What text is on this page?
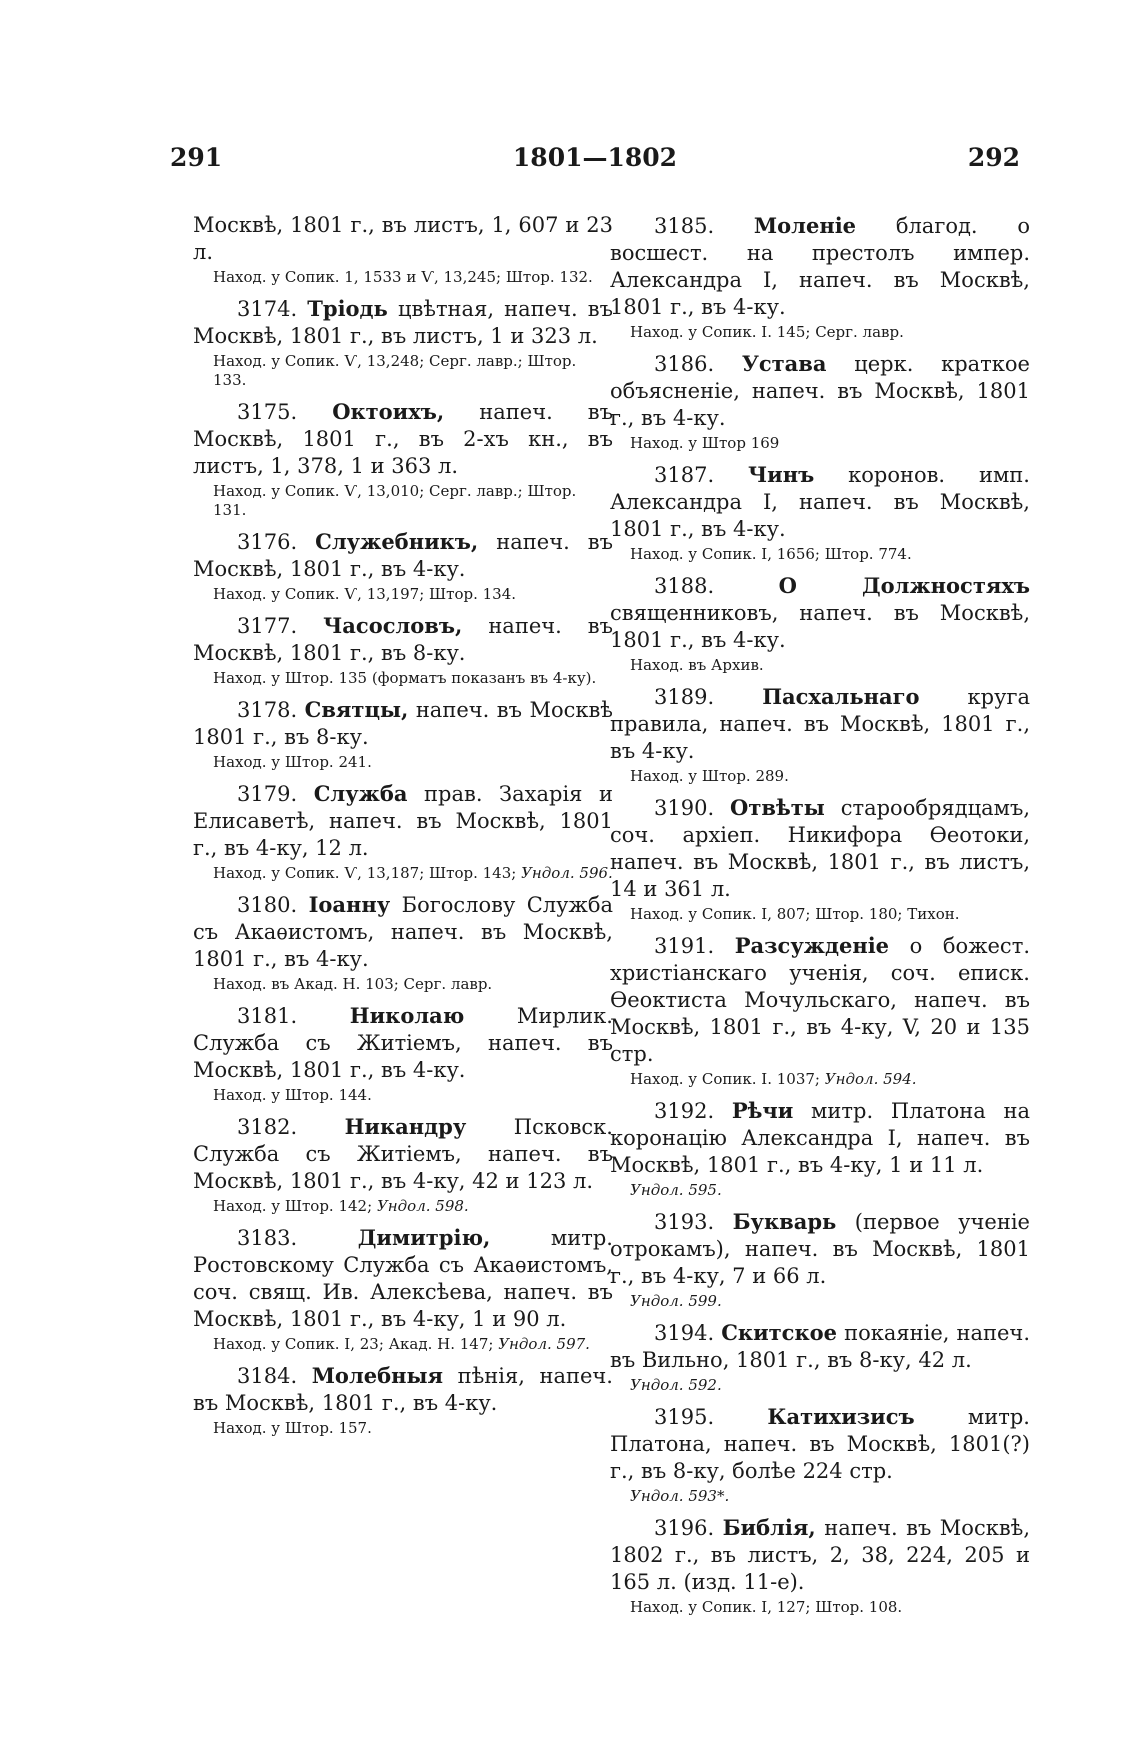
291	1801—1802	292

Москвѣ, 1801 г., въ листъ, 1, 607 и 23 л.

Наход. у Сопик. 1, 1533 и Ѵ, 13,245; Штор. 132.

3174. Тріодь цвѣтная, напеч. въ Москвѣ, 1801 г., въ листъ, 1 и 323 л.

Наход. у Сопик. Ѵ, 13,248; Серг. лавр.; Штор. 133.

3175. Октоихъ, напеч. въ Москвѣ, 1801 г., въ 2-хъ кн., въ листъ, 1, 378, 1 и 363 л.

Наход. у Сопик. Ѵ, 13,010; Серг. лавр.; Штор. 131.

3176. Служебникъ, напеч. въ Москвѣ, 1801 г., въ 4-ку.

Наход. у Сопик. Ѵ, 13,197; Штор. 134.

3177. Часословъ, напеч. въ Москвѣ, 1801 г., въ 8-ку.

Наход. у Штор. 135 (форматъ показанъ въ 4-ку).

3178. Святцы, напеч. въ Москвѣ 1801 г., въ 8-ку.

Наход. у Штор. 241.

3179. Служба прав. Захарія и Елисаветѣ, напеч. въ Москвѣ, 1801 г., въ 4-ку, 12 л.

Наход. у Сопик. Ѵ, 13,187; Штор. 143; Ундол. 596.

3180. Іоанну Богослову Служба съ Акаѳистомъ, напеч. въ Москвѣ, 1801 г., въ 4-ку.

Наход. въ Акад. Н. 103; Серг. лавр.

3181.	Николаю	Мирлик. Служба съ Житіемъ, напеч. въ Москвѣ, 1801 г., въ 4-ку.

Наход. у Штор. 144.

3182. Никандру Псковск. Служба съ Житіемъ, напеч. въ Москвѣ, 1801 г., въ 4-ку, 42 и 123 л.

Наход. у Штор. 142; Ундол. 598.

3183.	Димитрію,	митр. Ростовскому Служба съ Акаѳистомъ, соч. свящ. Ив. Алексѣева, напеч. въ Москвѣ, 1801 г., въ 4-ку, 1 и 90 л.

Наход. у Сопик. I, 23; Акад. Н. 147; Ундол. 597.

3184. Молебныя пѣнія, напеч. въ Москвѣ, 1801 г., въ 4-ку.

Наход. у Штор. 157.

3185. Моленіе благод. о восшест. на престолъ импер. Александра I, напеч. въ Москвѣ, 1801 г., въ 4-ку.

Наход. у Сопик. I. 145; Серг. лавр.

3186. Устава церк. краткое объясненіе, напеч. въ Москвѣ, 1801 г., въ 4-ку.

Наход. у Штор 169

3187. Чинъ коронов. имп. Александра I, напеч. въ Москвѣ, 1801 г., въ 4-ку.

Наход. у Сопик. I, 1656; Штор. 774.

3188.	О Должностяхъ священниковъ, напеч. въ Москвѣ, 1801 г., въ 4-ку.

Наход. въ Архив.

3189. Пасхальнаго круга правила, напеч. въ Москвѣ, 1801 г., въ 4-ку.

Наход. у Штор. 289.

3190. Отвѣты старообрядцамъ, соч. архіеп. Никифора Ѳеотоки, напеч. въ Москвѣ, 1801 г., въ листъ, 14 и 361 л.

Наход. у Сопик. I, 807; Штор. 180; Тихон.

3191. Разсужденіе о божест. христіанскаго ученія, соч. еписк. Ѳеоктиста Мочульскаго, напеч. въ Москвѣ, 1801 г., въ 4-ку, V, 20 и 135 стр.

Наход. у Сопик. I. 1037; Ундол. 594.

3192. Рѣчи митр. Платона на коронацію Александра I, напеч. въ Москвѣ, 1801 г., въ 4-ку, 1 и 11 л.

Ундол. 595.

3193. Букварь (первое ученіе отрокамъ), напеч. въ Москвѣ, 1801 г., въ 4-ку, 7 и 66 л.

Ундол. 599.

3194. Скитское покаяніе, напеч. въ Вильно, 1801 г., въ 8-ку, 42 л.

Ундол. 592.

3195.	Катихизисъ	митр. Платона, напеч. въ Москвѣ, 1801(?) г., въ 8-ку, болѣе 224 стр.

Ундол. 593*.

3196. Библія, напеч. въ Москвѣ, 1802 г., въ листъ, 2, 38, 224, 205 и 165 л. (изд. 11-е).

Наход. у Сопик. I, 127; Штор. 108.
